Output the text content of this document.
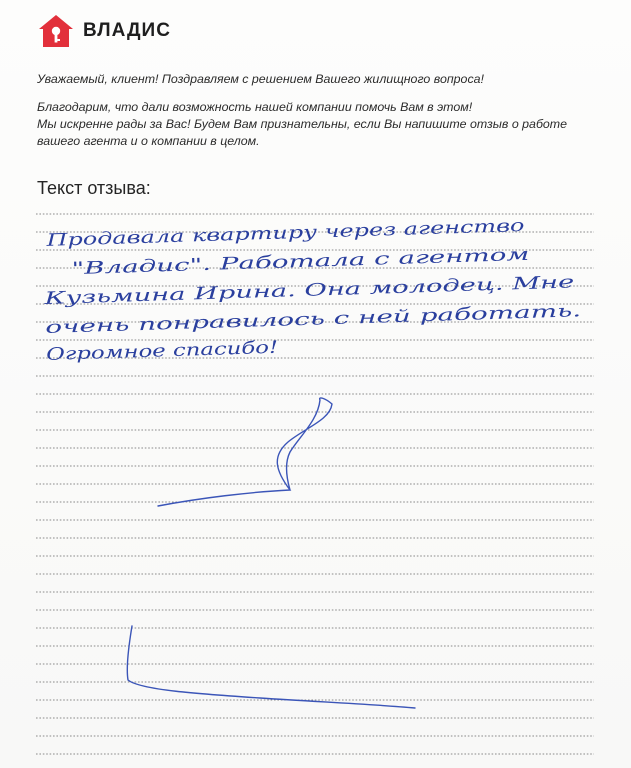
ВЛАДИС

Уважаемый, клиент! Поздравляем с решением Вашего жилищного вопроса!

Благодарим, что дали возможность нашей компании помочь Вам в этом!

Мы искренне рады за Вас! Будем Вам признательны, если Вы напишите отзыв о работе

вашего агента и о компании в целом.

Текст отзыва:
Продавала квартиру через агенство
"Владис". Работала с агентом
Кузьмина Ирина. Она молодец. Мне
очень понравилось с ней работать.
Огромное спасибо!
